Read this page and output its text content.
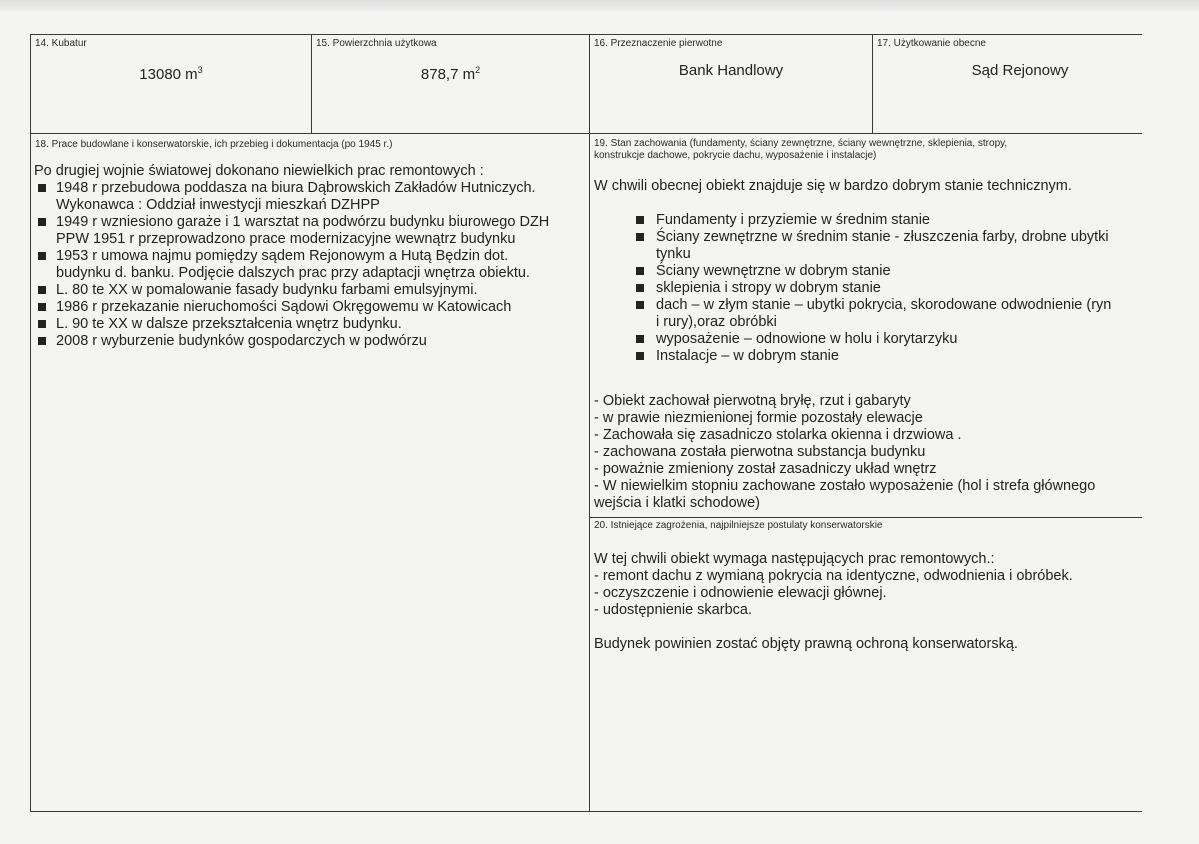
14. Kubatur
13080 $m^3$
15. Powierzchnia użytkowa
878,7 $m^2$
16. Przeznaczenie pierwotne
Bank Handlowy
17. Użytkowanie obecne
Sąd Rejonowy
18. Prace budowlane i konserwatorskie, ich przebieg i dokumentacja (po 1945 r.)

Po drugiej wojnie światowej dokonano niewielkich prac remontowych :

1948 r przebudowa poddasza na biura Dąbrowskich Zakładów Hutniczych.

Wykonawca : Oddział inwestycji mieszkań DZHPP

1949 r wzniesiono garaże i 1 warsztat na podwórzu budynku biurowego DZH

PPW 1951 r przeprowadzono prace modernizacyjne wewnątrz budynku

1953 r umowa najmu pomiędzy sądem Rejonowym a Hutą Będzin dot.

budynku d. banku. Podjęcie dalszych prac przy adaptacji wnętrza obiektu.

L. 80 te XX w pomalowanie fasady budynku farbami emulsyjnymi.

1986 r przekazanie nieruchomości Sądowi Okręgowemu w Katowicach

L. 90 te XX w dalsze przekształcenia wnętrz budynku.

2008 r wyburzenie budynków gospodarczych w podwórzu

19. Stan zachowania (fundamenty, ściany zewnętrzne, ściany wewnętrzne, sklepienia, stropy,
konstrukcje dachowe, pokrycie dachu, wyposażenie i instalacje)
W chwili obecnej obiekt znajduje się w bardzo dobrym stanie technicznym.

Fundamenty i przyziemie w średnim stanie

Ściany zewnętrzne w średnim stanie - złuszczenia farby, drobne ubytki

tynku

Ściany wewnętrzne w dobrym stanie

sklepienia i stropy w dobrym stanie

dach – w złym stanie – ubytki pokrycia, skorodowane odwodnienie (ryn

i rury),oraz obróbki

wyposażenie – odnowione w holu i korytarzyku

Instalacje – w dobrym stanie

- Obiekt zachował pierwotną bryłę, rzut i gabaryty

- w prawie niezmienionej formie pozostały elewacje

- Zachowała się zasadniczo stolarka okienna i drzwiowa .

- zachowana została pierwotna substancja budynku

- poważnie zmieniony został zasadniczy układ wnętrz

- W niewielkim stopniu zachowane zostało wyposażenie (hol i strefa głównego

wejścia i klatki schodowe)

20. Istniejące zagrożenia, najpilniejsze postulaty konserwatorskie

W tej chwili obiekt wymaga następujących prac remontowych.:

- remont dachu z wymianą pokrycia na identyczne, odwodnienia i obróbek.

- oczyszczenie i odnowienie elewacji głównej.

- udostępnienie skarbca.

Budynek powinien zostać objęty prawną ochroną konserwatorską.
